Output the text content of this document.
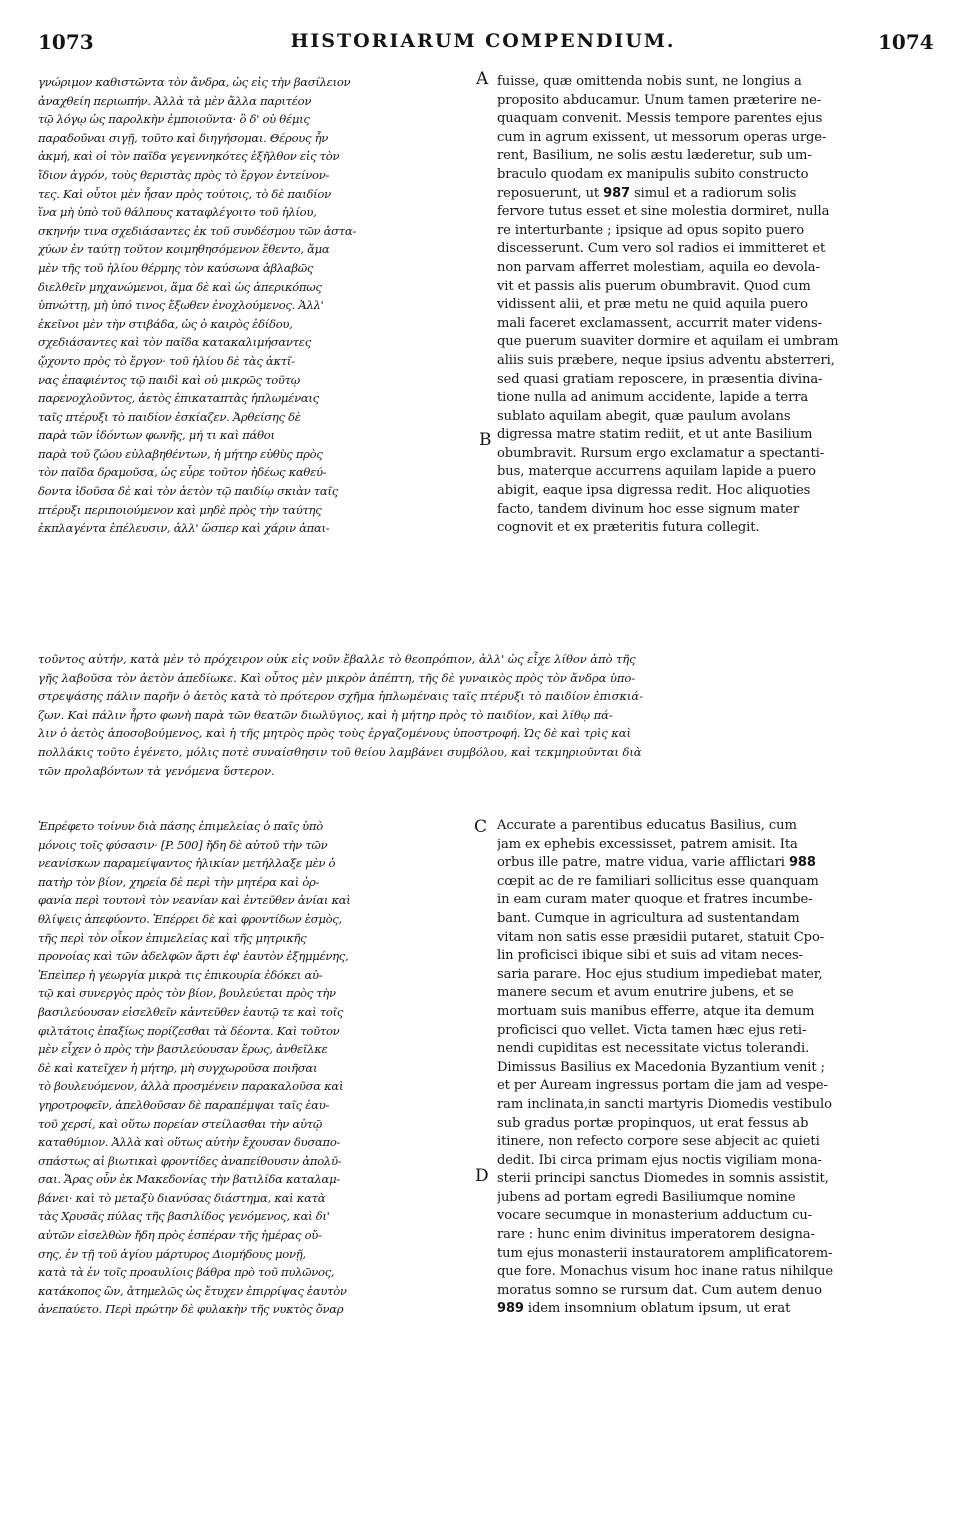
1073	HISTORIARUM COMPENDIUM.	1074
A
B
C
D
γνώριμον καθιστῶντα τὸν ἄνδρα, ὡς εἰς τὴν βασίλειον
ἀναχθείη περιωπήν. Ἀλλὰ τὰ μὲν ἄλλα παριτέον
τῷ λόγῳ ὡς παρολκὴν ἐμποιοῦντα· ὃ δ' οὐ θέμις
παραδοῦναι σιγῇ, τοῦτο καὶ διηγήσομαι. Θέρους ἦν
ἀκμή, καὶ οἱ τὸν παῖδα γεγεννηκότες ἐξῆλθον εἰς τὸν
ἴδιον ἀγρόν, τοὺς θεριστὰς πρὸς τὸ ἔργον ἐντείνον-
τες. Καὶ οὗτοι μὲν ἦσαν πρὸς τούτοις, τὸ δὲ παιδίον
ἵνα μὴ ὑπὸ τοῦ θάλπους καταφλέγοιτο τοῦ ἡλίου,
σκηνήν τινα σχεδιάσαντες ἐκ τοῦ συνδέσμου τῶν ἀστα-
χύων ἐν ταύτῃ τοῦτον κοιμηθησόμενον ἔθεντο, ἅμα
μὲν τῆς τοῦ ἡλίου θέρμης τὸν καύσωνα ἀβλαβῶς
διελθεῖν μηχανώμενοι, ἅμα δὲ καὶ ὡς ἀπερικόπως
ὑπνώττῃ, μὴ ὑπό τινος ἔξωθεν ἐνοχλούμενος. Ἀλλ'
ἐκεῖνοι μὲν τὴν στιβάδα, ὡς ὁ καιρὸς ἐδίδου,
σχεδιάσαντες καὶ τὸν παῖδα κατακαλιμήσαντες
ᾤχοντο πρὸς τὸ ἔργον· τοῦ ἡλίου δὲ τὰς ἀκτῖ-
νας ἐπαφιέντος τῷ παιδὶ καὶ οὐ μικρῶς τοῦτῳ
παρενοχλοῦντος, ἀετὸς ἐπικαταπτὰς ἡπλωμέναις
ταῖς πτέρυξι τὸ παιδίον ἐσκίαζεν. Ἀρθείσης δὲ
παρὰ τῶν ἰδόντων φωνῆς, μή τι καὶ πάθοι
παρὰ τοῦ ζώου εὐλαβηθέντων, ἡ μήτηρ εὐθὺς πρὸς
τὸν παῖδα δραμοῦσα, ὡς εὗρε τοῦτον ἡδέως καθεύ-
δοντα ἰδοῦσα δὲ καὶ τὸν ἀετὸν τῷ παιδίῳ σκιὰν ταῖς
πτέρυξι περιποιούμενον καὶ μηδὲ πρὸς τὴν ταύτης
ἐκπλαγέντα ἐπέλευσιν, ἀλλ' ὥσπερ καὶ χάριν ἀπαι-
fuisse, quæ omittenda nobis sunt, ne longius a
proposito abducamur. Unum tamen præterire ne-
quaquam convenit. Messis tempore parentes ejus
cum in agrum exissent, ut messorum operas urge-
rent, Basilium, ne solis æstu læderetur, sub um-
braculo quodam ex manipulis subito constructo
reposuerunt, ut 987 simul et a radiorum solis
fervore tutus esset et sine molestia dormiret, nulla
re interturbante ; ipsique ad opus sopito puero
discesserunt. Cum vero sol radios ei immitteret et
non parvam afferret molestiam, aquila eo devola-
vit et passis alis puerum obumbravit. Quod cum
vidissent alii, et præ metu ne quid aquila puero
mali faceret exclamassent, accurrit mater videns-
que puerum suaviter dormire et aquilam ei umbram
aliis suis præbere, neque ipsius adventu absterreri,
sed quasi gratiam reposcere, in præsentia divina-
tione nulla ad animum accidente, lapide a terra
sublato aquilam abegit, quæ paulum avolans
digressa matre statim rediit, et ut ante Basilium
obumbravit. Rursum ergo exclamatur a spectanti-
bus, materque accurrens aquilam lapide a puero
abigit, eaque ipsa digressa redit. Hoc aliquoties
facto, tandem divinum hoc esse signum mater
cognovit et ex præteritis futura collegit.
τοῦντος αὐτήν, κατὰ μὲν τὸ πρόχειρον οὐκ εἰς νοῦν ἔβαλλε τὸ θεοπρόπιον, ἀλλ' ὡς εἶχε λίθον ἀπὸ τῆς
γῆς λαβοῦσα τὸν ἀετὸν ἀπεδίωκε. Καὶ οὗτος μὲν μικρὸν ἀπέπτη, τῆς δὲ γυναικὸς πρὸς τὸν ἄνδρα ὑπο-
στρεψάσης πάλιν παρῆν ὁ ἀετὸς κατὰ τὸ πρότερον σχῆμα ἡπλωμέναις ταῖς πτέρυξι τὸ παιδίον ἐπισκιά-
ζων. Καὶ πάλιν ἦρτο φωνὴ παρὰ τῶν θεατῶν διωλύγιος, καὶ ἡ μήτηρ πρὸς τὸ παιδίον, καὶ λίθῳ πά-
λιν ὁ ἀετὸς ἀποσοβούμενος, καὶ ἡ τῆς μητρὸς πρὸς τοὺς ἐργαζομένους ὑποστροφή. Ὡς δὲ καὶ τρὶς καὶ
πολλάκις τοῦτο ἐγένετο, μόλις ποτὲ συναίσθησιν τοῦ θείου λαμβάνει συμβόλου, καὶ τεκμηριοῦνται διὰ
τῶν προλαβόντων τὰ γενόμενα ὕστερον.
Ἐπρέφετο τοίνυν διὰ πάσης ἐπιμελείας ὁ παῖς ὑπὸ
μόνοις τοῖς φύσασιν· [P. 500] ἤδη δὲ αὐτοῦ τὴν τῶν
νεανίσκων παραμείψαντος ἡλικίαν μετήλλαξε μὲν ὁ
πατὴρ τὸν βίον, χηρεία δὲ περὶ τὴν μητέρα καὶ ὀρ-
φανία περὶ τουτονὶ τὸν νεανίαν καὶ ἐντεῦθεν ἀνίαι καὶ
θλίψεις ἀπεφύοντο. Ἐπέρρει δὲ καὶ φροντίδων ἑσμὸς,
τῆς περὶ τὸν οἶκον ἐπιμελείας καὶ τῆς μητρικῆς
προνοίας καὶ τῶν ἀδελφῶν ἄρτι ἐφ' ἑαυτὸν ἐξημμένης,
Ἐπεὶπερ ἡ γεωργία μικρὰ τις ἐπικουρία ἐδόκει αὐ-
τῷ καὶ συνεργὸς πρὸς τὸν βίον, βουλεύεται πρὸς τὴν
βασιλεύουσαν εἰσελθεῖν κἀντεῦθεν ἑαυτῷ τε καὶ τοῖς
φιλτάτοις ἐπαξίως πορίζεσθαι τὰ δέοντα. Καὶ τοῦτον
μὲν εἶχεν ὁ πρὸς τὴν βασιλεύουσαν ἔρως, ἀνθεῖλκε
δὲ καὶ κατεῖχεν ἡ μήτηρ, μὴ συγχωροῦσα ποιῆσαι
τὸ βουλευόμενον, ἀλλὰ προσμένειν παρακαλοῦσα καὶ
γηροτροφεῖν, ἀπελθοῦσαν δὲ παραπέμψαι ταῖς ἑαυ-
τοῦ χερσί, καὶ οὕτω πορείαν στείλασθαι τὴν αὐτῷ
καταθύμιον. Ἀλλὰ καὶ οὕτως αὐτὴν ἔχουσαν δυσαπο-
σπάστως αἱ βιωτικαὶ φροντίδες ἀναπείθουσιν ἀπολῦ-
σαι. Ἄρας οὖν ἐκ Μακεδονίας τὴν βατιλίδα καταλαμ-
βάνει· καὶ τὸ μεταξὺ διανύσας διάστημα, καὶ κατὰ
τὰς Χρυσᾶς πύλας τῆς βασιλίδος γενόμενος, καὶ δι'
αὐτῶν εἰσελθὼν ἤδη πρὸς ἑσπέραν τῆς ἡμέρας οὔ-
σης, ἐν τῇ τοῦ ἁγίου μάρτυρος Διομήδους μονῇ,
κατὰ τὰ ἐν τοῖς προαυλίοις βάθρα πρὸ τοῦ πυλῶνος,
κατάκοπος ὢν, ἀτημελῶς ὡς ἔτυχεν ἐπιρρίψας ἑαυτὸν
ἀνεπαύετο. Περὶ πρώτην δὲ φυλακὴν τῆς νυκτὸς ὄναρ
Accurate a parentibus educatus Basilius, cum
jam ex ephebis excessisset, patrem amisit. Ita
orbus ille patre, matre vidua, varie afflictari 988
cœpit ac de re familiari sollicitus esse quanquam
in eam curam mater quoque et fratres incumbe-
bant. Cumque in agricultura ad sustentandam
vitam non satis esse præsidii putaret, statuit Cpo-
lin proficisci ibique sibi et suis ad vitam neces-
saria parare. Hoc ejus studium impediebat mater,
manere secum et avum enutrire jubens, et se
mortuam suis manibus efferre, atque ita demum
proficisci quo vellet. Victa tamen hæc ejus reti-
nendi cupiditas est necessitate victus tolerandi.
Dimissus Basilius ex Macedonia Byzantium venit ;
et per Auream ingressus portam die jam ad vespe-
ram inclinata,in sancti martyris Diomedis vestibulo
sub gradus portæ propinquos, ut erat fessus ab
itinere, non refecto corpore sese abjecit ac quieti
dedit. Ibi circa primam ejus noctis vigiliam mona-
sterii principi sanctus Diomedes in somnis assistit,
jubens ad portam egredi Basiliumque nomine
vocare secumque in monasterium adductum cu-
rare : hunc enim divinitus imperatorem designa-
tum ejus monasterii instauratorem amplificatorem-
que fore. Monachus visum hoc inane ratus nihilque
moratus somno se rursum dat. Cum autem denuo
989 idem insomnium oblatum ipsum, ut erat
